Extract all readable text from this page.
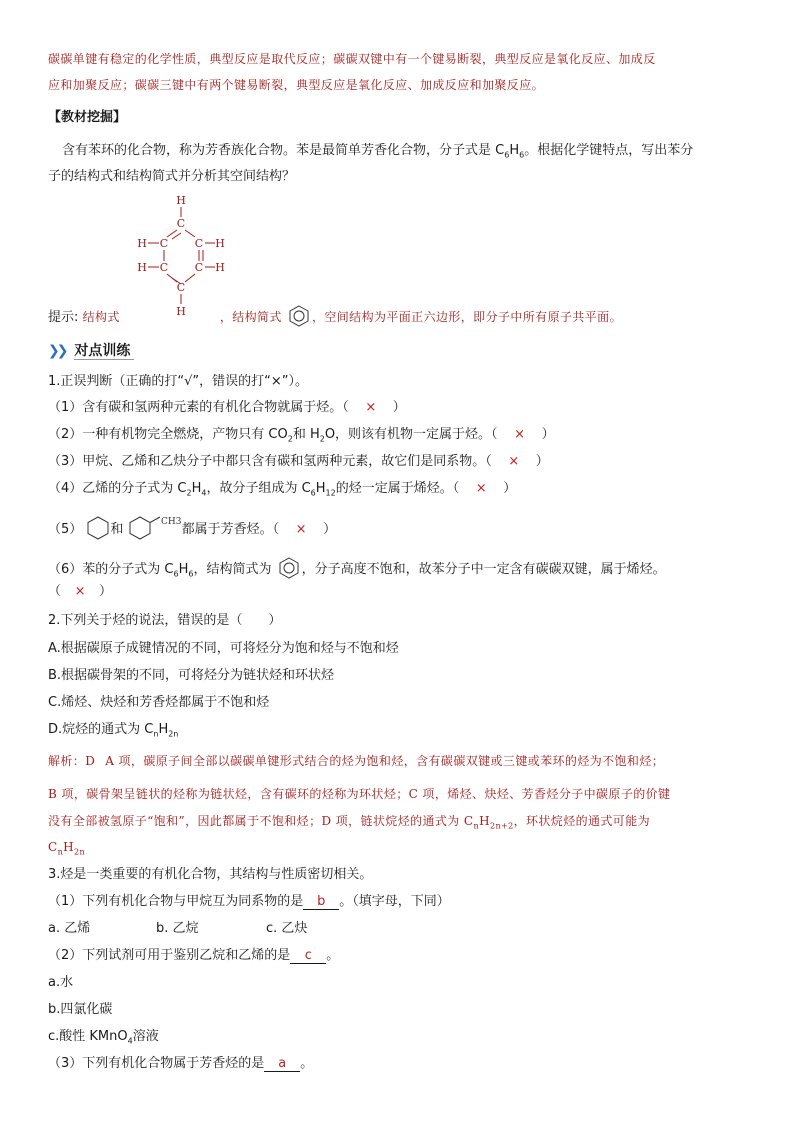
碳碳单键有稳定的化学性质，典型反应是取代反应；碳碳双键中有一个键易断裂，典型反应是氧化反应、加成反
应和加聚反应；碳碳三键中有两个键易断裂，典型反应是氧化反应、加成反应和加聚反应。
【教材挖掘】
含有苯环的化合物，称为芳香族化合物。苯是最简单芳香化合物，分子式是 $C_6H_6$。根据化学键特点，写出苯分
子的结构式和结构简式并分析其空间结构？
H
C
C C
H	H
C C
H	H
C
H
提示: 结构式	，结构简式	，空间结构为平面正六边形，即分子中所有原子共平面。
❯❯ 对点训练
1.正误判断（正确的打“√”，错误的打“×”）。
（1）含有碳和氢两种元素的有机化合物就属于烃。（ × ）
（2）一种有机物完全燃烧，产物只有 $CO_2$和 $H_2O$，则该有机物一定属于烃。（ × ）
（3）甲烷、乙烯和乙炔分子中都只含有碳和氢两种元素，故它们是同系物。（ × ）
（4）乙烯的分子式为 $C_2H_4$，故分子组成为 $C_6H_{12}$的烃一定属于烯烃。（ × ）
（5） 和	CH3 都属于芳香烃。（ × ）
（6）苯的分子式为 $C_6H_6$，结构简式为 ，分子高度不饱和，故苯分子中一定含有碳碳双键，属于烯烃。
（ × ）
2.下列关于烃的说法，错误的是（　　）
A.根据碳原子成键情况的不同，可将烃分为饱和烃与不饱和烃
B.根据碳骨架的不同，可将烃分为链状烃和环状烃
C.烯烃、炔烃和芳香烃都属于不饱和烃
D.烷烃的通式为 $C_nH_{2n}$
解析：D A 项，碳原子间全部以碳碳单键形式结合的烃为饱和烃，含有碳碳双键或三键或苯环的烃为不饱和烃；
B 项，碳骨架呈链状的烃称为链状烃，含有碳环的烃称为环状烃；C 项，烯烃、炔烃、芳香烃分子中碳原子的价键
没有全部被氢原子“饱和”，因此都属于不饱和烃；D 项，链状烷烃的通式为 $C_nH_{2n+2}$，环状烷烃的通式可能为
$C_nH_{2n}$
3.烃是一类重要的有机化合物，其结构与性质密切相关。
（1）下列有机化合物与甲烷互为同系物的是 b 。（填字母，下同）
a. 乙烯	b. 乙烷	c. 乙炔
（2）下列试剂可用于鉴别乙烷和乙烯的是 c 。
a.水
b.四氯化碳
c.酸性 KMnO$_4$溶液
（3）下列有机化合物属于芳香烃的是 a 。
